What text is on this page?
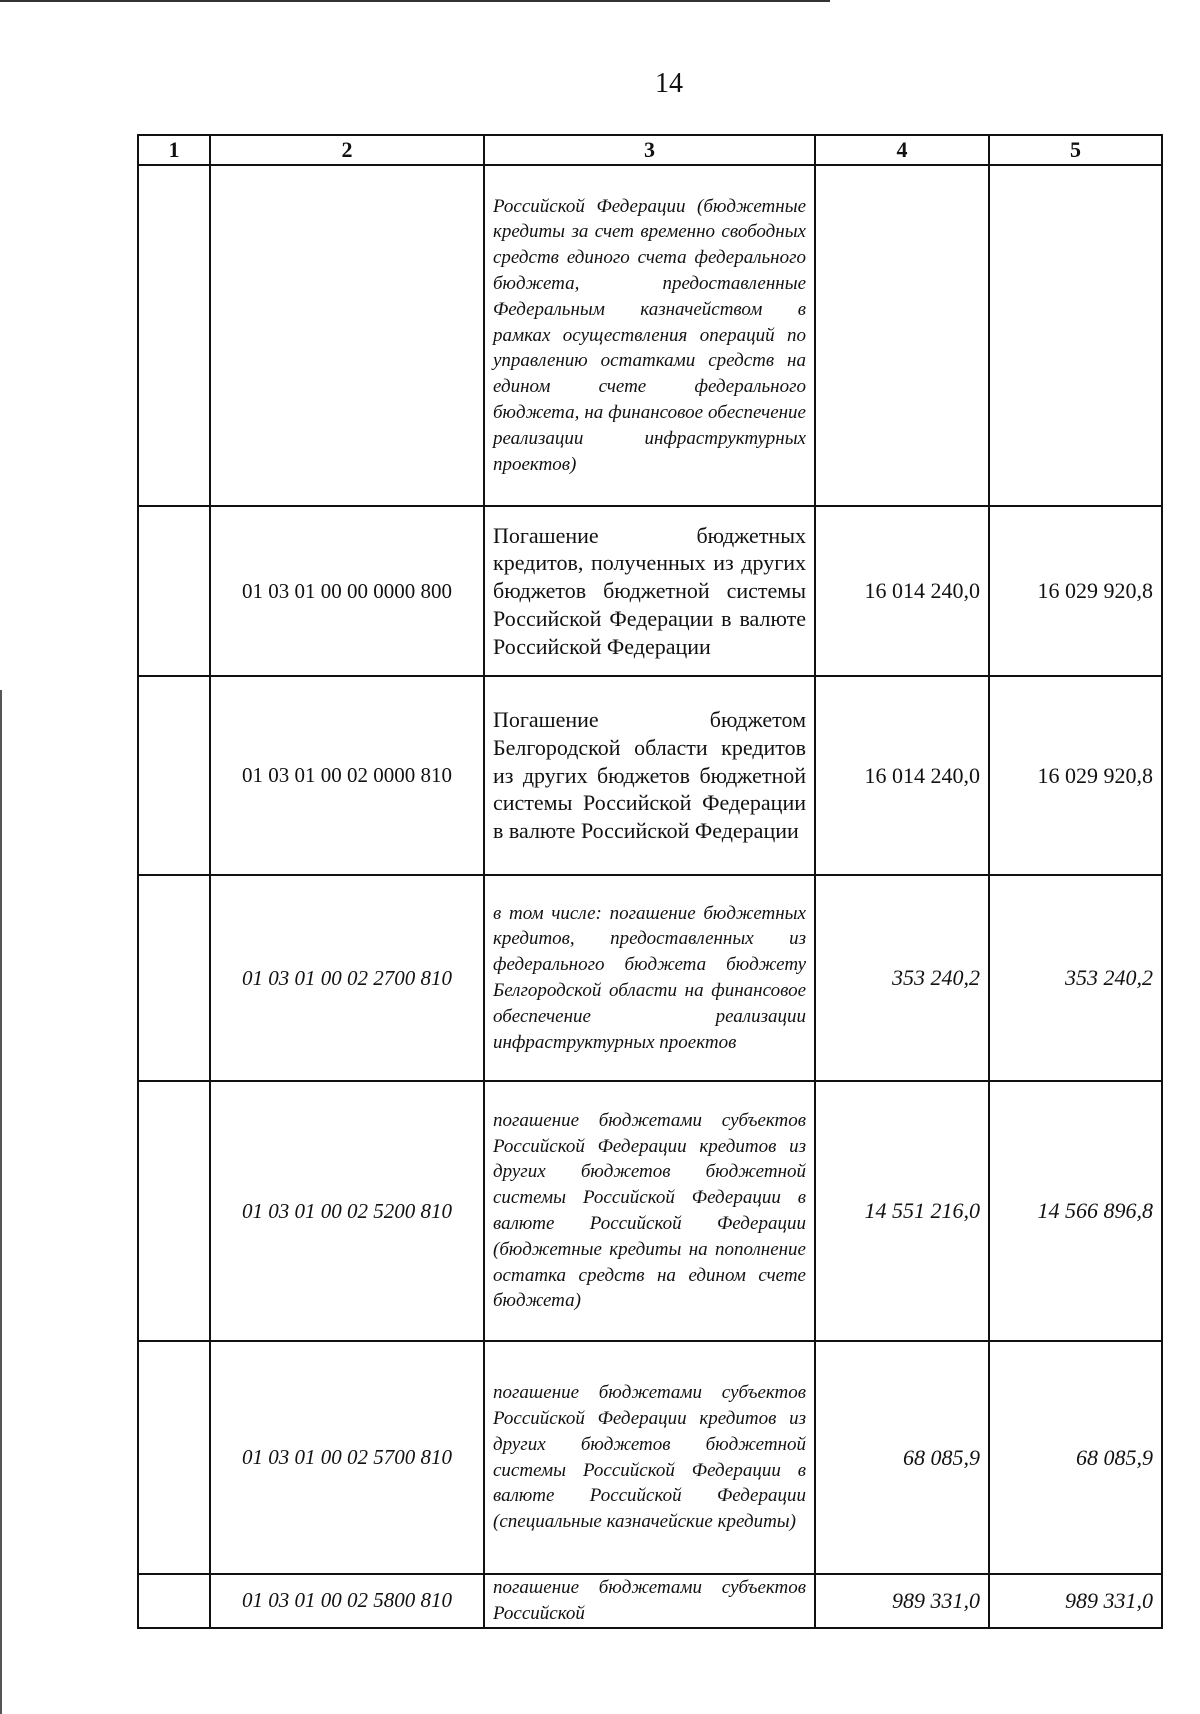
14
1	2	3	4	5
		Российской Федерации (бюджетные кредиты за счет временно свободных средств единого счета федерального бюджета, предоставленные Федеральным казначейством в рамках осуществления операций по управлению остатками средств на едином счете федерального бюджета, на финансовое обеспечение реализации инфраструктурных проектов)		
	01 03 01 00 00 0000 800	Погашение бюджетных кредитов, полученных из других бюджетов бюджетной системы Российской Федерации в валюте Российской Федерации	16 014 240,0	16 029 920,8
	01 03 01 00 02 0000 810	Погашение бюджетом Белгородской области кредитов из других бюджетов бюджетной системы Российской Федерации в валюте Российской Федерации	16 014 240,0	16 029 920,8
	01 03 01 00 02 2700 810	в том числе: погашение бюджетных кредитов, предоставленных из федерального бюджета бюджету Белгородской области на финансовое обеспечение реализации инфраструктурных проектов	353 240,2	353 240,2
	01 03 01 00 02 5200 810	погашение бюджетами субъектов Российской Федерации кредитов из других бюджетов бюджетной системы Российской Федерации в валюте Российской Федерации (бюджетные кредиты на пополнение остатка средств на едином счете бюджета)	14 551 216,0	14 566 896,8
	01 03 01 00 02 5700 810	погашение бюджетами субъектов Российской Федерации кредитов из других бюджетов бюджетной системы Российской Федерации в валюте Российской Федерации (специальные казначейские кредиты)	68 085,9	68 085,9
	01 03 01 00 02 5800 810	погашение бюджетами субъектов Российской	989 331,0	989 331,0
